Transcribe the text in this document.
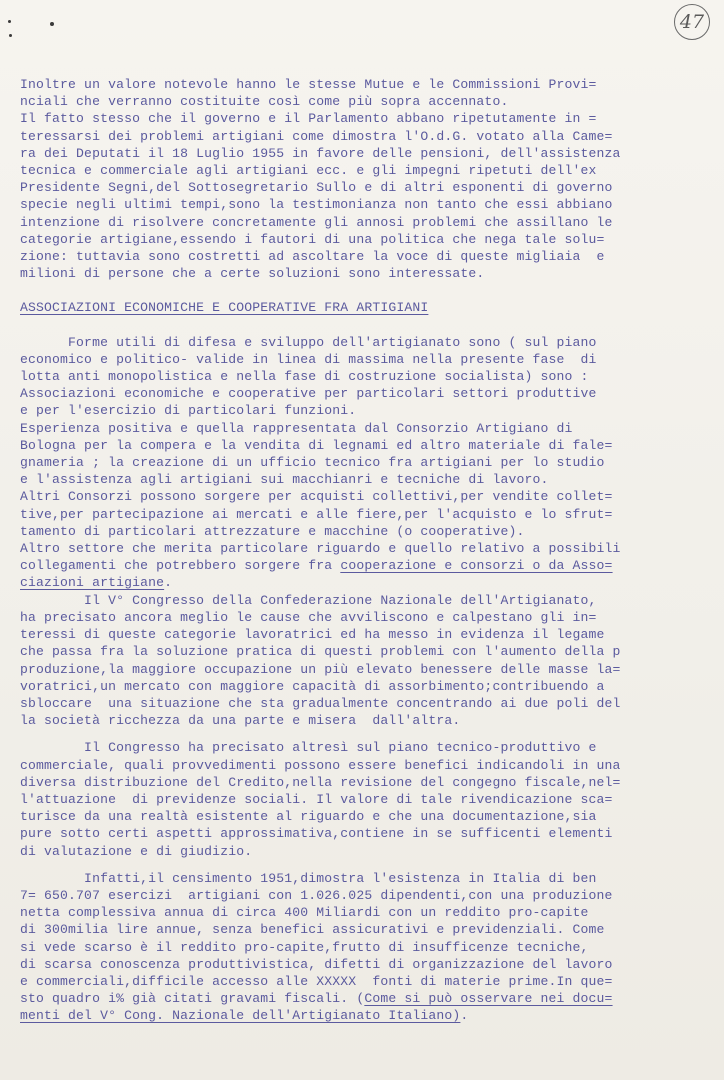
47

Inoltre un valore notevole hanno le stesse Mutue e le Commissioni Provi=

nciali che verranno costituite così come più sopra accennato.

Il fatto stesso che il governo e il Parlamento abbano ripetutamente in =

teressarsi dei problemi artigiani come dimostra l'O.d.G. votato alla Came=

ra dei Deputati il 18 Luglio 1955 in favore delle pensioni, dell'assistenza

tecnica e commerciale agli artigiani ecc. e gli impegni ripetuti dell'ex

Presidente Segni,del Sottosegretario Sullo e di altri esponenti di governo

specie negli ultimi tempi,sono la testimonianza non tanto che essi abbiano

intenzione di risolvere concretamente gli annosi problemi che assillano le

categorie artigiane,essendo i fautori di una politica che nega tale solu=

zione: tuttavia sono costretti ad ascoltare la voce di queste migliaia  e

milioni di persone che a certe soluzioni sono interessate.

ASSOCIAZIONI ECONOMICHE E COOPERATIVE FRA ARTIGIANI

Forme utili di difesa e sviluppo dell'artigianato sono ( sul piano

economico e politico- valide in linea di massima nella presente fase  di

lotta anti monopolistica e nella fase di costruzione socialista) sono :

Associazioni economiche e cooperative per particolari settori produttive

e per l'esercizio di particolari funzioni.

Esperienza positiva e quella rappresentata dal Consorzio Artigiano di

Bologna per la compera e la vendita di legnami ed altro materiale di fale=

gnameria ; la creazione di un ufficio tecnico fra artigiani per lo studio

e l'assistenza agli artigiani sui macchianri e tecniche di lavoro.

Altri Consorzi possono sorgere per acquisti collettivi,per vendite collet=

tive,per partecipazione ai mercati e alle fiere,per l'acquisto e lo sfrut=

tamento di particolari attrezzature e macchine (o cooperative).

Altro settore che merita particolare riguardo e quello relativo a possibili

collegamenti che potrebbero sorgere fra cooperazione e consorzi o da Asso=

ciazioni artigiane.

Il V° Congresso della Confederazione Nazionale dell'Artigianato,

ha precisato ancora meglio le cause che avviliscono e calpestano gli in=

teressi di queste categorie lavoratrici ed ha messo in evidenza il legame

che passa fra la soluzione pratica di questi problemi con l'aumento della p

produzione,la maggiore occupazione un più elevato benessere delle masse la=

voratrici,un mercato con maggiore capacità di assorbimento;contribuendo a

sbloccare  una situazione che sta gradualmente concentrando ai due poli del

la società ricchezza da una parte e misera  dall'altra.

Il Congresso ha precisato altresì sul piano tecnico-produttivo e

commerciale, quali provvedimenti possono essere benefici indicandoli in una

diversa distribuzione del Credito,nella revisione del congegno fiscale,nel=

l'attuazione  di previdenze sociali. Il valore di tale rivendicazione sca=

turisce da una realtà esistente al riguardo e che una documentazione,sia

pure sotto certi aspetti approssimativa,contiene in se sufficenti elementi

di valutazione e di giudizio.

Infatti,il censimento 1951,dimostra l'esistenza in Italia di ben

7= 650.707 esercizi  artigiani con 1.026.025 dipendenti,con una produzione

netta complessiva annua di circa 400 Miliardi con un reddito pro-capite

di 300milia lire annue, senza benefici assicurativi e previdenziali. Come

si vede scarso è il reddito pro-capite,frutto di insufficenze tecniche,

di scarsa conoscenza produttivistica, difetti di organizzazione del lavoro

e commerciali,difficile accesso alle XXXXX  fonti di materie prime.In que=

sto quadro i% già citati gravami fiscali. (Come si può osservare nei docu=

menti del V° Cong. Nazionale dell'Artigianato Italiano).
